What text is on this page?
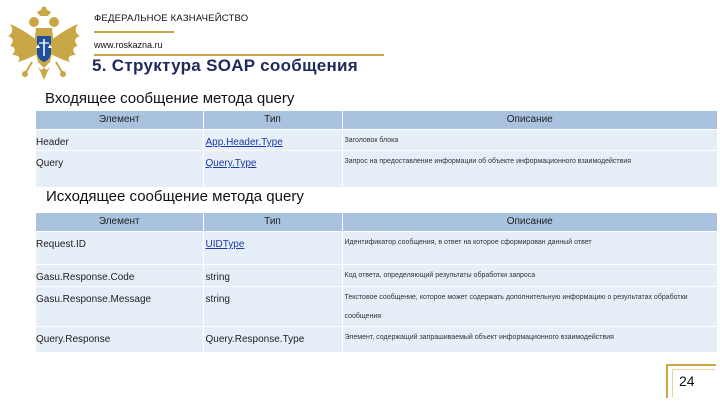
ФЕДЕРАЛЬНОЕ КАЗНАЧЕЙСТВО
www.roskazna.ru
5. Структура SOAP сообщения
Входящее сообщение метода query
Элемент	Тип	Описание
Header	App.Header.Type	Заголовок блока
Query	Query.Type	Запрос на предоставление информации об объекте информационного взаимодействия
Исходящее сообщение метода query
Элемент	Тип	Описание
Request.ID	UIDType	Идентификатор сообщения, в ответ на которое сформирован данный ответ
Gasu.Response.Code	string	Код ответа, определяющий результаты обработки запроса
Gasu.Response.Message	string	Текстовое сообщение, которое может содержать дополнительную информацию о результатах обработки сообщения
Query.Response	Query.Response.Type	Элемент, содержащий запрашиваемый объект информационного взаимодействия
24
